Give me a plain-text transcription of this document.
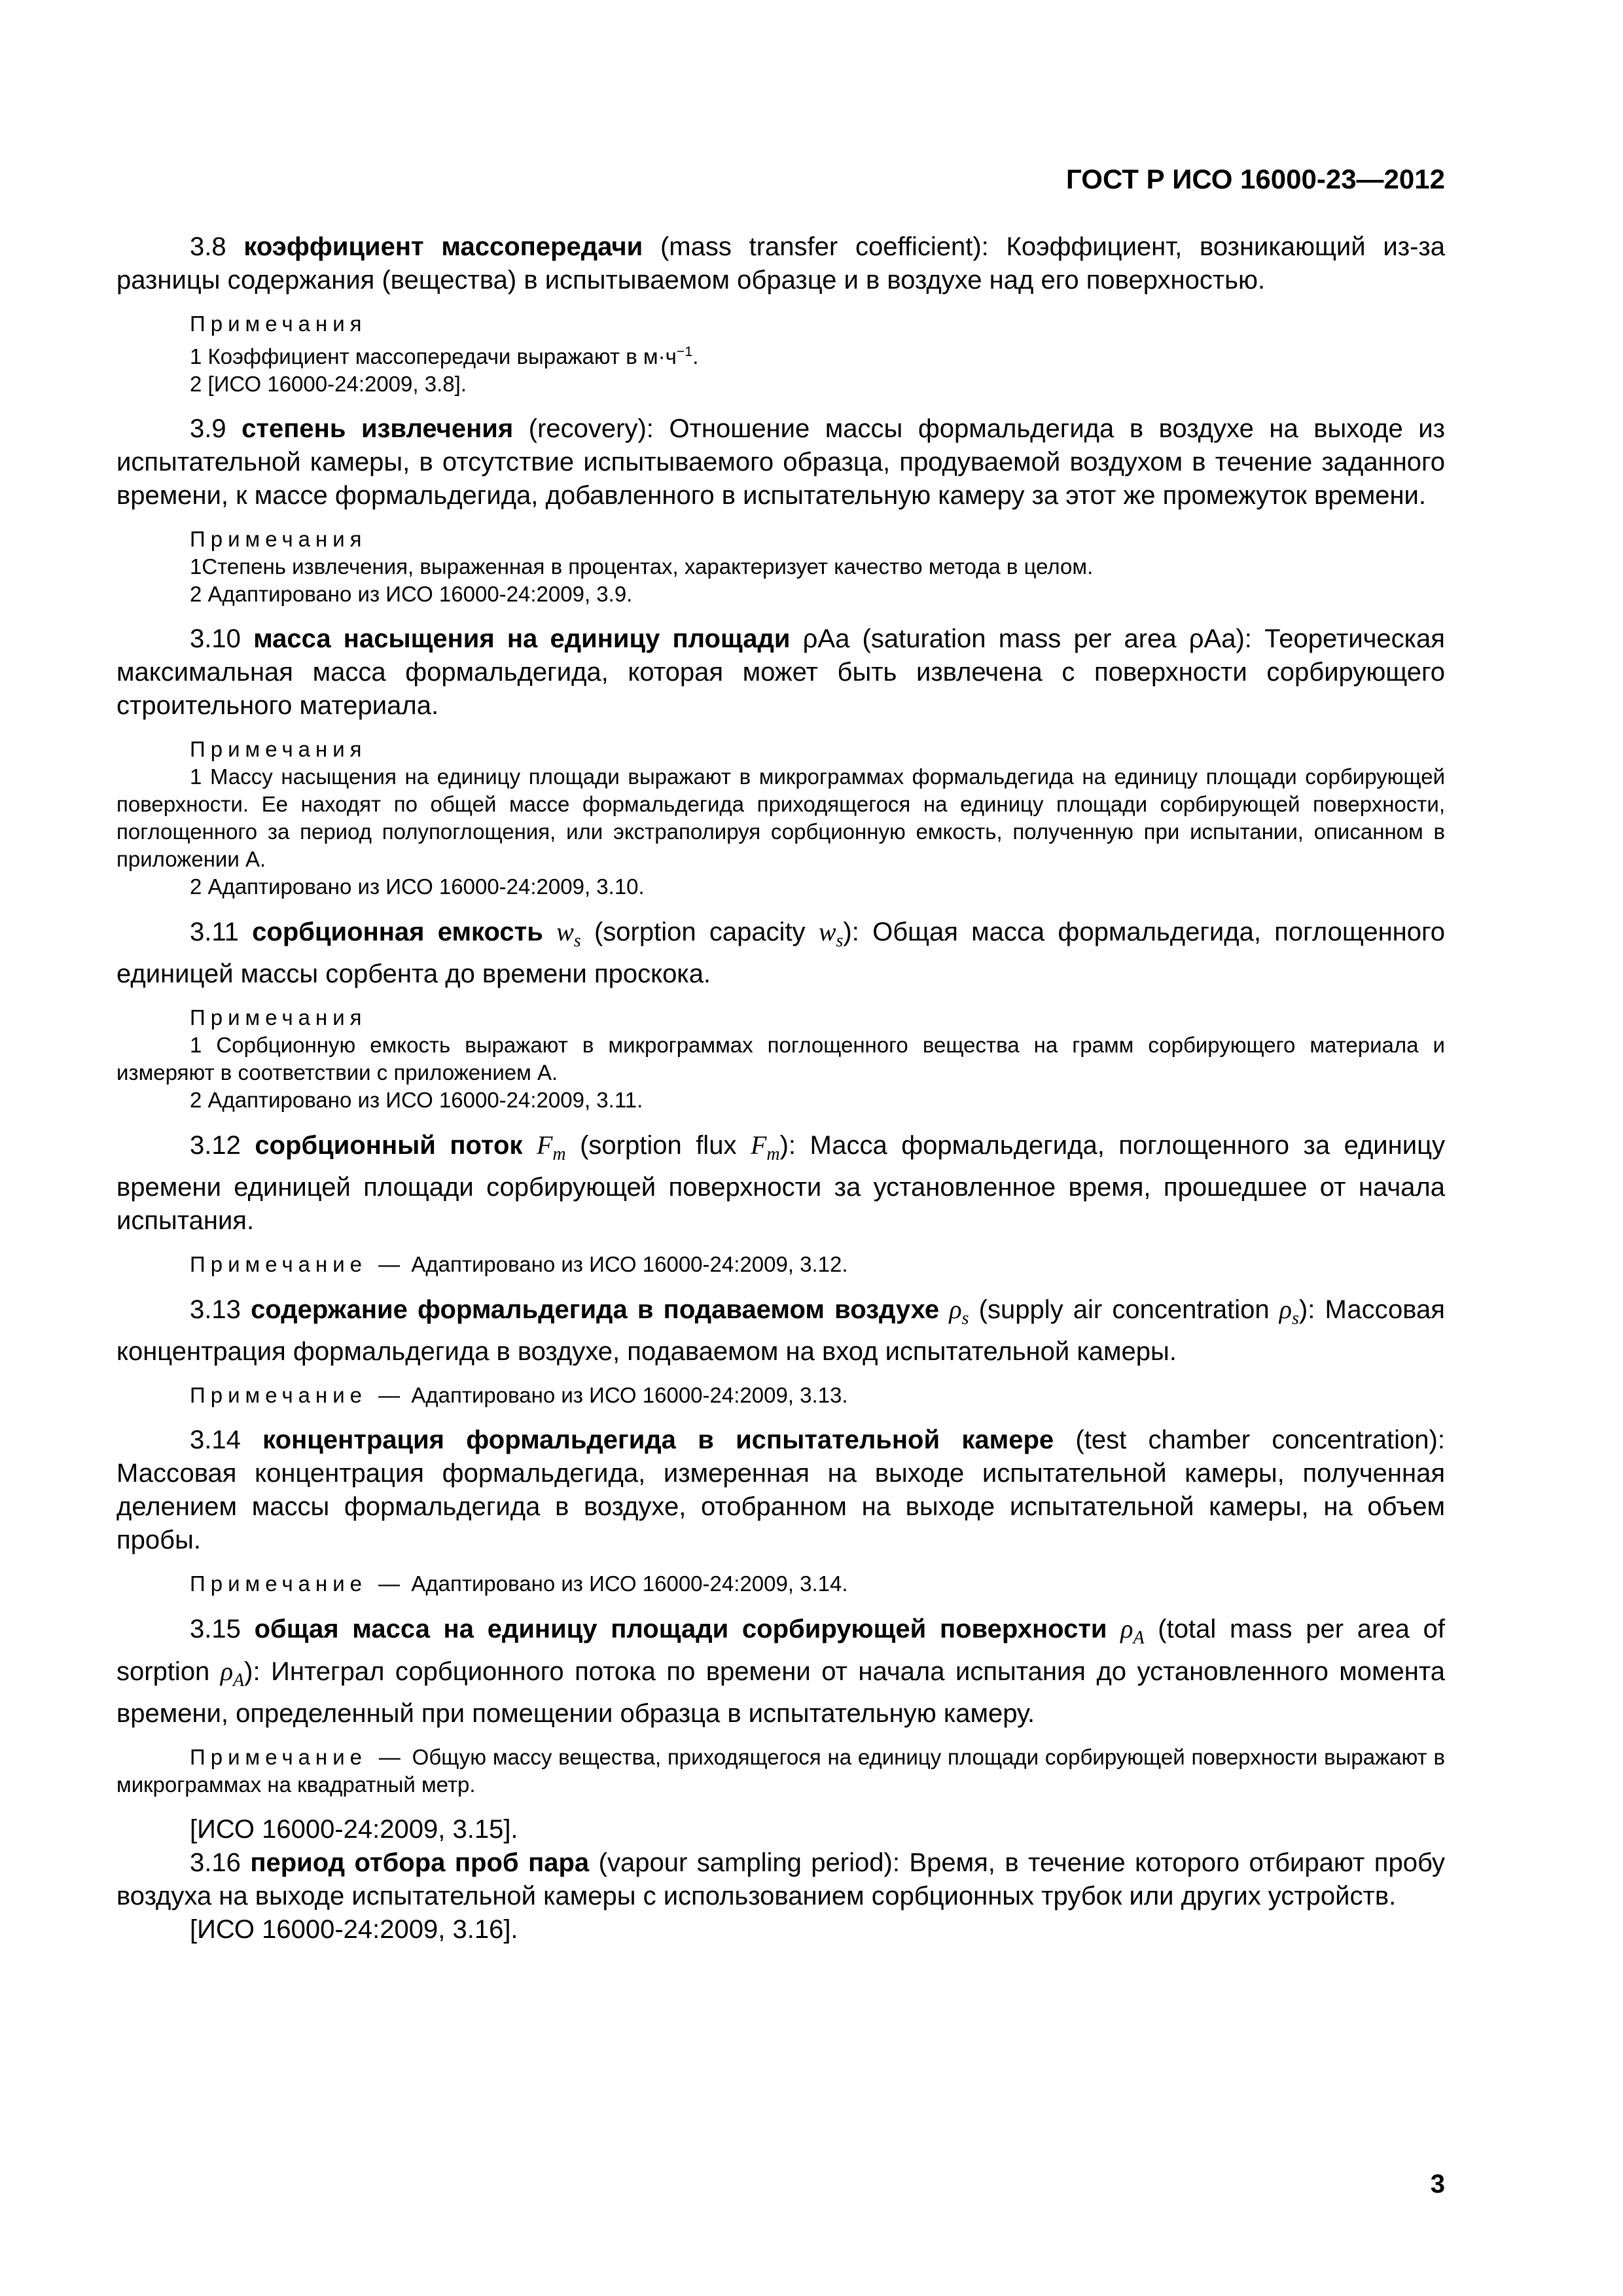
ГОСТ Р ИСО 16000-23—2012

3.8 коэффициент массопередачи (mass transfer coefficient): Коэффициент, возникающий из-за разницы содержания (вещества) в испытываемом образце и в воздухе над его поверхностью.

Примечания
1 Коэффициент массопередачи выражают в $м\cdot ч^{-1}$.
2 [ИСО 16000-24:2009, 3.8].

3.9 степень извлечения (recovery): Отношение массы формальдегида в воздухе на выходе из испытательной камеры, в отсутствие испытываемого образца, продуваемой воздухом в течение заданного времени, к массе формальдегида, добавленного в испытательную камеру за этот же промежуток времени.

Примечания
1Степень извлечения, выраженная в процентах, характеризует качество метода в целом.
2 Адаптировано из ИСО 16000-24:2009, 3.9.

3.10 масса насыщения на единицу площади ρAa (saturation mass per area ρAa): Теоретическая максимальная масса формальдегида, которая может быть извлечена с поверхности сорбирующего строительного материала.

Примечания
1 Массу насыщения на единицу площади выражают в микрограммах формальдегида на единицу площади сорбирующей поверхности. Ее находят по общей массе формальдегида приходящегося на единицу площади сорбирующей поверхности, поглощенного за период полупоглощения, или экстраполируя сорбционную емкость, полученную при испытании, описанном в приложении А.
2 Адаптировано из ИСО 16000-24:2009, 3.10.

3.11 сорбционная емкость $w_s$ (sorption capacity $w_s$): Общая масса формальдегида, поглощенного единицей массы сорбента до времени проскока.

Примечания
1 Сорбционную емкость выражают в микрограммах поглощенного вещества на грамм сорбирующего материала и измеряют в соответствии с приложением А.
2 Адаптировано из ИСО 16000-24:2009, 3.11.

3.12 сорбционный поток $F_m$ (sorption flux $F_m$): Масса формальдегида, поглощенного за единицу времени единицей площади сорбирующей поверхности за установленное время, прошедшее от начала испытания.

Примечание — Адаптировано из ИСО 16000-24:2009, 3.12.

3.13 содержание формальдегида в подаваемом воздухе $\rho_s$ (supply air concentration $\rho_s$): Массовая концентрация формальдегида в воздухе, подаваемом на вход испытательной камеры.

Примечание — Адаптировано из ИСО 16000-24:2009, 3.13.

3.14 концентрация формальдегида в испытательной камере (test chamber concentration): Массовая концентрация формальдегида, измеренная на выходе испытательной камеры, полученная делением массы формальдегида в воздухе, отобранном на выходе испытательной камеры, на объем пробы.

Примечание — Адаптировано из ИСО 16000-24:2009, 3.14.

3.15 общая масса на единицу площади сорбирующей поверхности $\rho_A$ (total mass per area of sorption $\rho_A$): Интеграл сорбционного потока по времени от начала испытания до установленного момента времени, определенный при помещении образца в испытательную камеру.

Примечание — Общую массу вещества, приходящегося на единицу площади сорбирующей поверхности выражают в микрограммах на квадратный метр.

[ИСО 16000-24:2009, 3.15].

3.16 период отбора проб пара (vapour sampling period): Время, в течение которого отбирают пробу воздуха на выходе испытательной камеры с использованием сорбционных трубок или других устройств.

[ИСО 16000-24:2009, 3.16].

3
